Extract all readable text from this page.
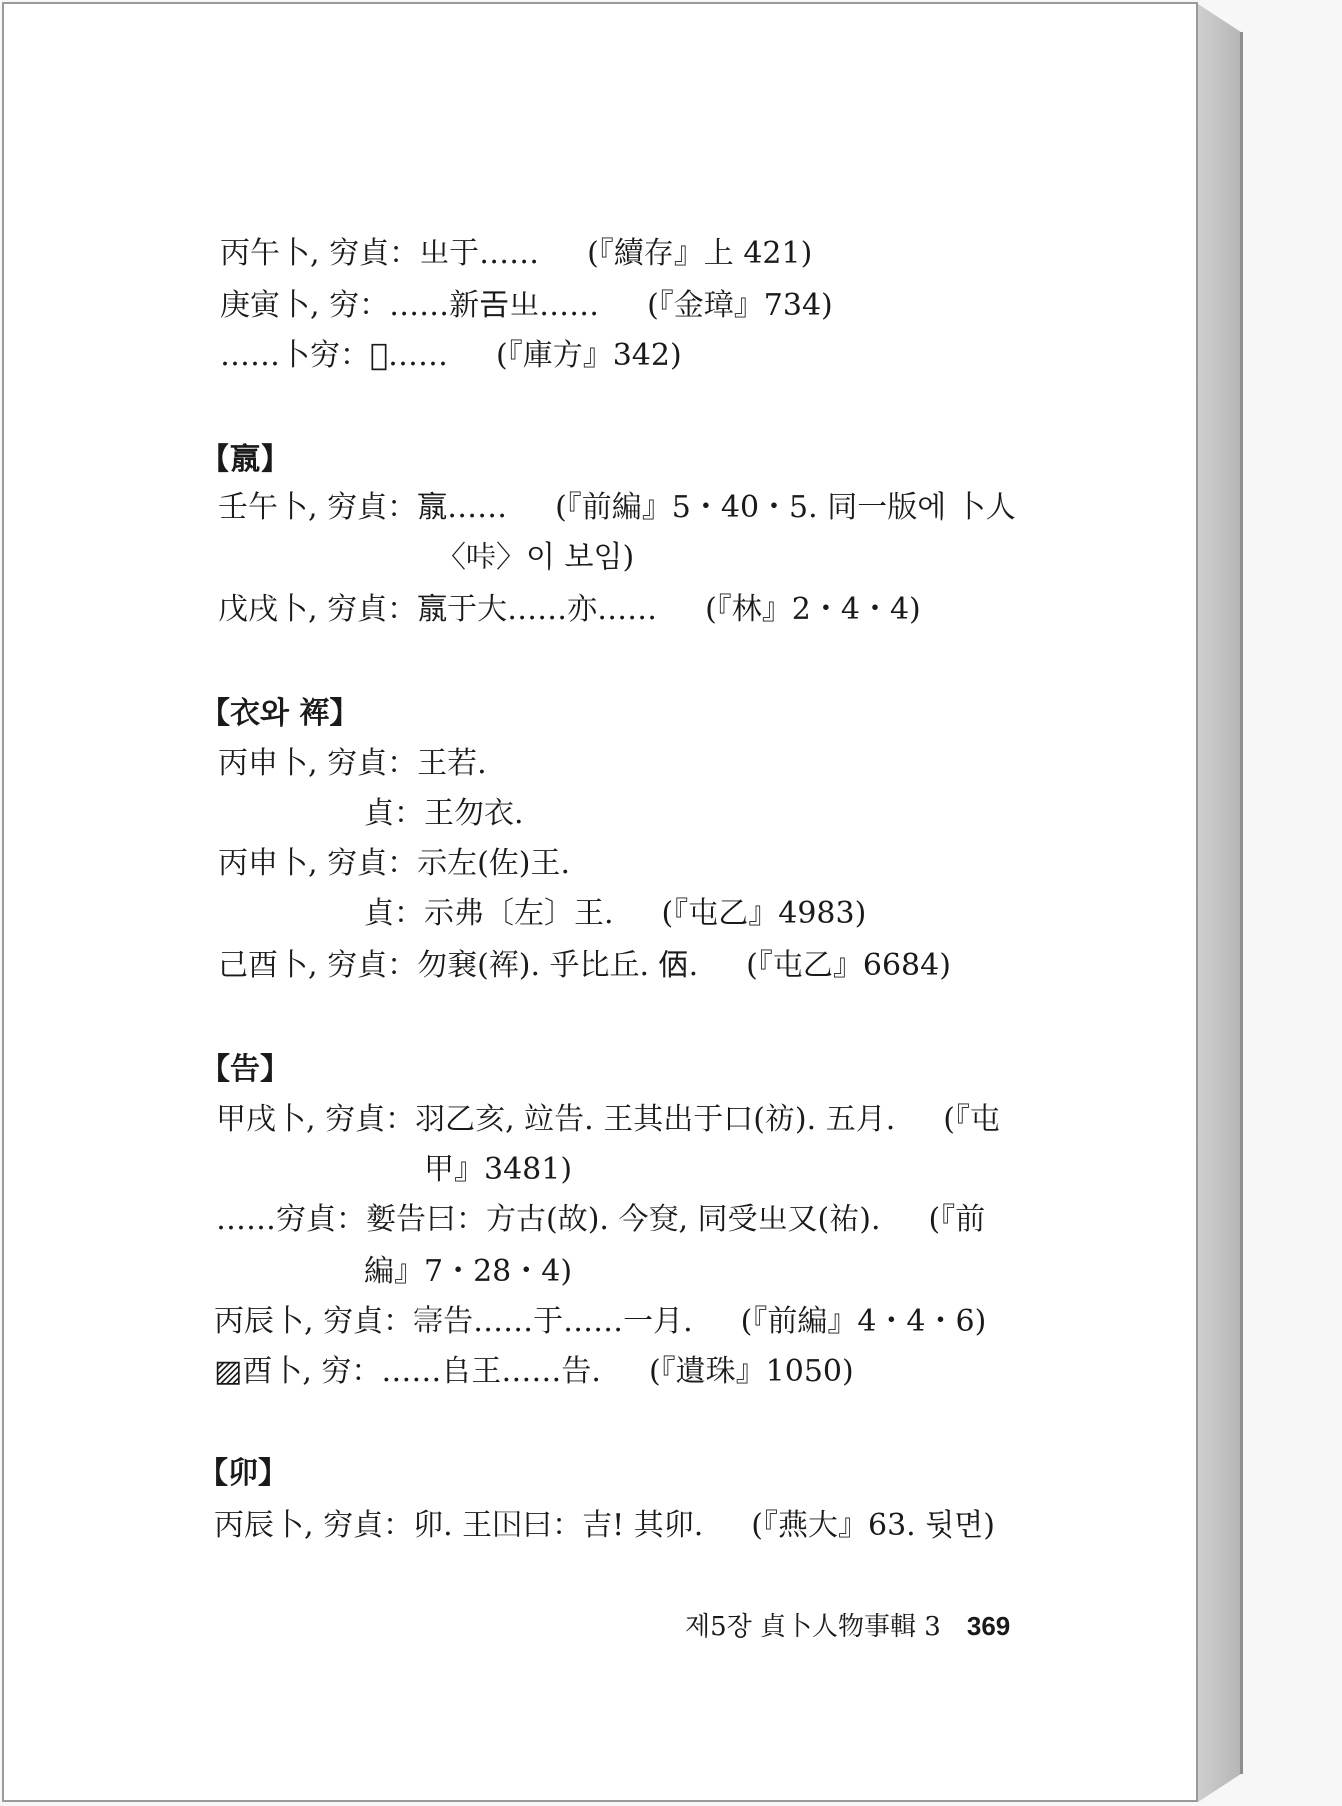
丙午卜, 穷貞：㞢于…… (『續存』上 421)
庚寅卜, 穷：……新𢀛㞢…… (『金璋』734)
……卜穷：𠃧…… (『庫方』342)
【𣎆】
壬午卜, 穷貞：𣎆…… (『前編』5・40・5. 同一版에 卜人
〈𠱚〉이 보임)
戊戌卜, 穷貞：𣎆于大……亦…… (『林』2・4・4)
【衣와 裈】
丙申卜, 穷貞：王若.
貞：王勿衣.
丙申卜, 穷貞：示左(佐)王.
貞：示弗〔左〕王. (『屯乙』4983)
己酉卜, 穷貞：勿㐮(裈). 乎比丘. 𠈇. (『屯乙』6684)
【告】
甲戌卜, 穷貞：羽乙亥, 竝告. 王其出于口(祊). 五月. (『屯
甲』3481)
……穷貞：㜪告曰：方古(故). 今𤊽, 同受㞢又(祐). (『前
編』7・28・4)
丙辰卜, 穷貞：𡨦告……于……一月. (『前編』4・4・6)
▨酉卜, 穷：……𠂤王……告. (『遺珠』1050)
【卯】
丙辰卜, 穷貞：卯. 王𡆥曰：吉! 其卯. (『燕大』63. 뒷면)
제5장 貞卜人物事輯 3 369
